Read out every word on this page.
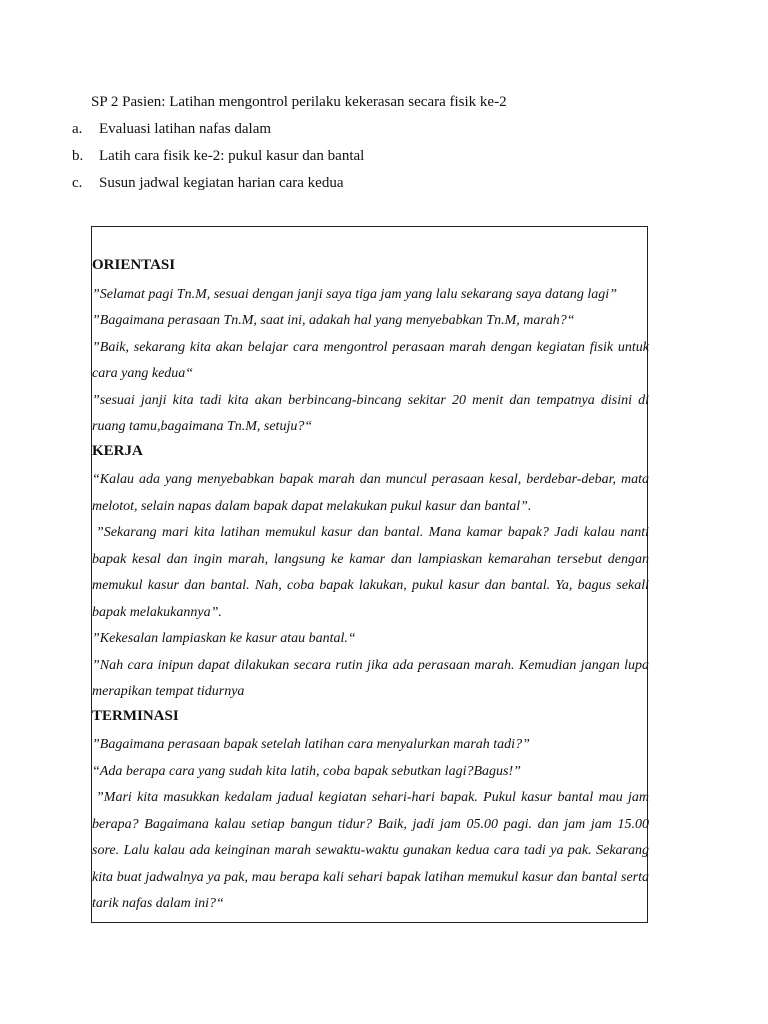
SP 2 Pasien: Latihan mengontrol perilaku kekerasan secara fisik ke-2
a. Evaluasi latihan nafas dalam
b. Latih cara fisik ke-2: pukul kasur dan bantal
c. Susun jadwal kegiatan harian cara kedua
ORIENTASI

”Selamat pagi Tn.M, sesuai dengan janji saya tiga jam yang lalu sekarang saya datang lagi”

”Bagaimana perasaan Tn.M, saat ini, adakah hal yang menyebabkan Tn.M, marah?“

”Baik, sekarang kita akan belajar cara mengontrol perasaan marah dengan kegiatan fisik untuk cara yang kedua“

”sesuai janji kita tadi kita akan berbincang-bincang sekitar 20 menit dan tempatnya disini di ruang tamu,bagaimana Tn.M, setuju?“

KERJA

“Kalau ada yang menyebabkan bapak marah dan muncul perasaan kesal, berdebar-debar, mata melotot, selain napas dalam bapak dapat melakukan pukul kasur dan bantal”.

”Sekarang mari kita latihan memukul kasur dan bantal. Mana kamar bapak? Jadi kalau nanti bapak kesal dan ingin marah, langsung ke kamar dan lampiaskan kemarahan tersebut dengan memukul kasur dan bantal. Nah, coba bapak lakukan, pukul kasur dan bantal. Ya, bagus sekali bapak melakukannya”.

”Kekesalan lampiaskan ke kasur atau bantal.“

”Nah cara inipun dapat dilakukan secara rutin jika ada perasaan marah. Kemudian jangan lupa merapikan tempat tidurnya

TERMINASI

”Bagaimana perasaan bapak setelah latihan cara menyalurkan marah tadi?”

“Ada berapa cara yang sudah kita latih, coba bapak sebutkan lagi?Bagus!”

”Mari kita masukkan kedalam jadual kegiatan sehari-hari bapak. Pukul kasur bantal mau jam berapa? Bagaimana kalau setiap bangun tidur? Baik, jadi jam 05.00 pagi. dan jam jam 15.00 sore. Lalu kalau ada keinginan marah sewaktu-waktu gunakan kedua cara tadi ya pak. Sekarang kita buat jadwalnya ya pak, mau berapa kali sehari bapak latihan memukul kasur dan bantal serta tarik nafas dalam ini?“
